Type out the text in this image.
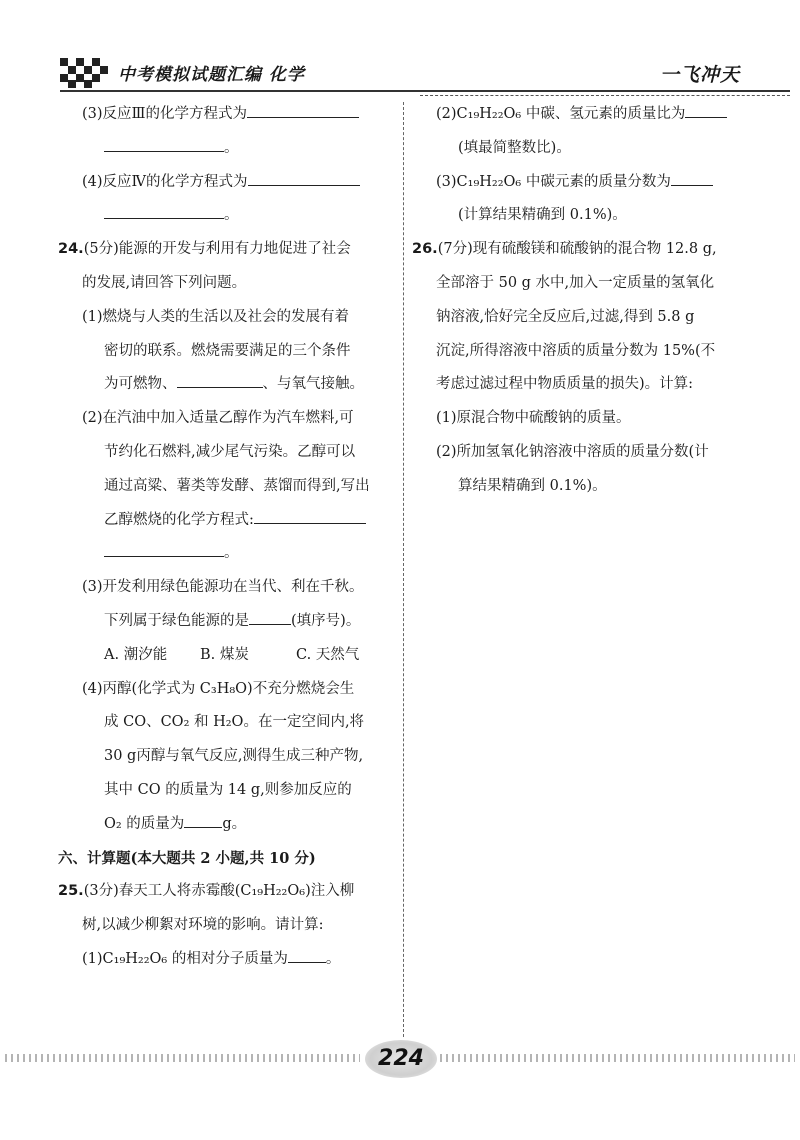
中考模拟试题汇编 化学	一飞冲天
(3)反应Ⅲ的化学方程式为
。
(4)反应Ⅳ的化学方程式为
。
24.(5分)能源的开发与利用有力地促进了社会
的发展,请回答下列问题。
(1)燃烧与人类的生活以及社会的发展有着
密切的联系。燃烧需要满足的三个条件
为可燃物、	、与氧气接触。
(2)在汽油中加入适量乙醇作为汽车燃料,可
节约化石燃料,减少尾气污染。乙醇可以
通过高粱、薯类等发酵、蒸馏而得到,写出
乙醇燃烧的化学方程式:
。
(3)开发利用绿色能源功在当代、利在千秋。
下列属于绿色能源的是	(填序号)。
A. 潮汐能 B. 煤炭	C. 天然气
(4)丙醇(化学式为 C₃H₈O)不充分燃烧会生
成 CO、CO₂ 和 H₂O。在一定空间内,将
30 g丙醇与氧气反应,测得生成三种产物,
其中 CO 的质量为 14 g,则参加反应的
O₂ 的质量为	g。
六、计算题(本大题共 2 小题,共 10 分)
25.(3分)春天工人将赤霉酸(C₁₉H₂₂O₆)注入柳
树,以减少柳絮对环境的影响。请计算:
(1)C₁₉H₂₂O₆ 的相对分子质量为	。
(2)C₁₉H₂₂O₆ 中碳、氢元素的质量比为
(填最简整数比)。
(3)C₁₉H₂₂O₆ 中碳元素的质量分数为
(计算结果精确到 0.1%)。
26.(7分)现有硫酸镁和硫酸钠的混合物 12.8 g,
全部溶于 50 g 水中,加入一定质量的氢氧化
钠溶液,恰好完全反应后,过滤,得到 5.8 g
沉淀,所得溶液中溶质的质量分数为 15%(不
考虑过滤过程中物质质量的损失)。计算:
(1)原混合物中硫酸钠的质量。
(2)所加氢氧化钠溶液中溶质的质量分数(计
算结果精确到 0.1%)。
224
